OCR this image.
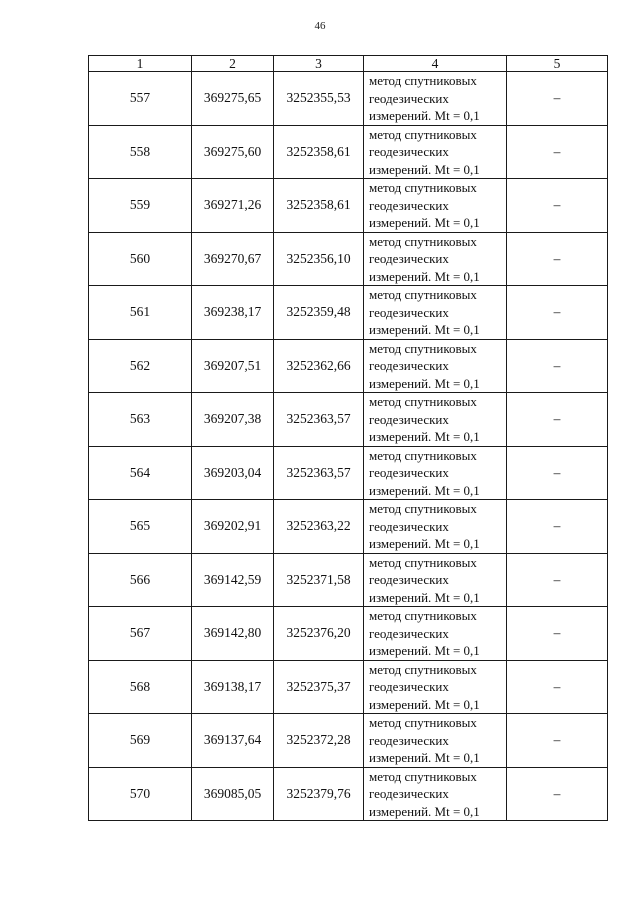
46
1	2	3	4	5
557	369275,65	3252355,53	метод спутниковых
геодезических
измерений. Mt = 0,1	–
558	369275,60	3252358,61	метод спутниковых
геодезических
измерений. Mt = 0,1	–
559	369271,26	3252358,61	метод спутниковых
геодезических
измерений. Mt = 0,1	–
560	369270,67	3252356,10	метод спутниковых
геодезических
измерений. Mt = 0,1	–
561	369238,17	3252359,48	метод спутниковых
геодезических
измерений. Mt = 0,1	–
562	369207,51	3252362,66	метод спутниковых
геодезических
измерений. Mt = 0,1	–
563	369207,38	3252363,57	метод спутниковых
геодезических
измерений. Mt = 0,1	–
564	369203,04	3252363,57	метод спутниковых
геодезических
измерений. Mt = 0,1	–
565	369202,91	3252363,22	метод спутниковых
геодезических
измерений. Mt = 0,1	–
566	369142,59	3252371,58	метод спутниковых
геодезических
измерений. Mt = 0,1	–
567	369142,80	3252376,20	метод спутниковых
геодезических
измерений. Mt = 0,1	–
568	369138,17	3252375,37	метод спутниковых
геодезических
измерений. Mt = 0,1	–
569	369137,64	3252372,28	метод спутниковых
геодезических
измерений. Mt = 0,1	–
570	369085,05	3252379,76	метод спутниковых
геодезических
измерений. Mt = 0,1	–
